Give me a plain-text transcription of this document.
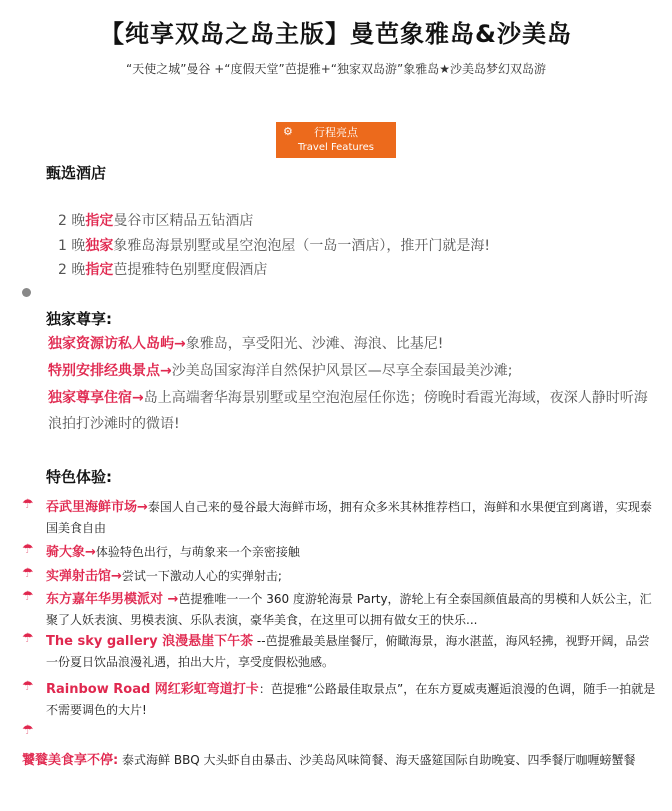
【纯享双岛之岛主版】曼芭象雅岛&沙美岛
“天使之城”曼谷 +“度假天堂”芭提雅+“独家双岛游”象雅岛★沙美岛梦幻双岛游
⚙	行程亮点
Travel Features
甄选酒店
2 晚指定曼谷市区精品五钻酒店
1 晚独家象雅岛海景别墅或星空泡泡屋（一岛一酒店），推开门就是海!
2 晚指定芭提雅特色别墅度假酒店
独家尊享:
独家资源访私人岛屿→象雅岛，享受阳光、沙滩、海浪、比基尼!
特别安排经典景点→沙美岛国家海洋自然保护风景区—尽享全泰国最美沙滩;
独家尊享住宿→岛上高端奢华海景别墅或星空泡泡屋任你选；傍晚时看霞光海域，夜深人静时听海浪拍打沙滩时的微语!
特色体验:
☂ 吞武里海鲜市场→泰国人自己来的曼谷最大海鲜市场，拥有众多米其林推荐档口，海鲜和水果便宜到离谱，实现泰国美食自由
☂ 骑大象→体验特色出行，与萌象来一个亲密接触
☂ 实弹射击馆→尝试一下激动人心的实弹射击;
☂ 东方嘉年华男模派对 →芭提雅唯一一个 360 度游轮海景 Party，游轮上有全泰国颜值最高的男模和人妖公主，汇聚了人妖表演、男模表演、乐队表演，豪华美食，在这里可以拥有做女王的快乐...
☂ The sky gallery 浪漫悬崖下午茶 --芭提雅最美悬崖餐厅，俯瞰海景，海水湛蓝，海风轻拂，视野开阔，品尝一份夏日饮品浪漫礼遇，拍出大片，享受度假松弛感。
☂ Rainbow Road 网红彩虹弯道打卡：芭提雅“公路最佳取景点”，在东方夏威夷邂逅浪漫的色调，随手一拍就是不需要调色的大片!
☂
饕餮美食享不停: 泰式海鲜 BBQ 大头虾自由暴击、沙美岛风味简餐、海天盛筵国际自助晚宴、四季餐厅咖喱螃蟹餐
